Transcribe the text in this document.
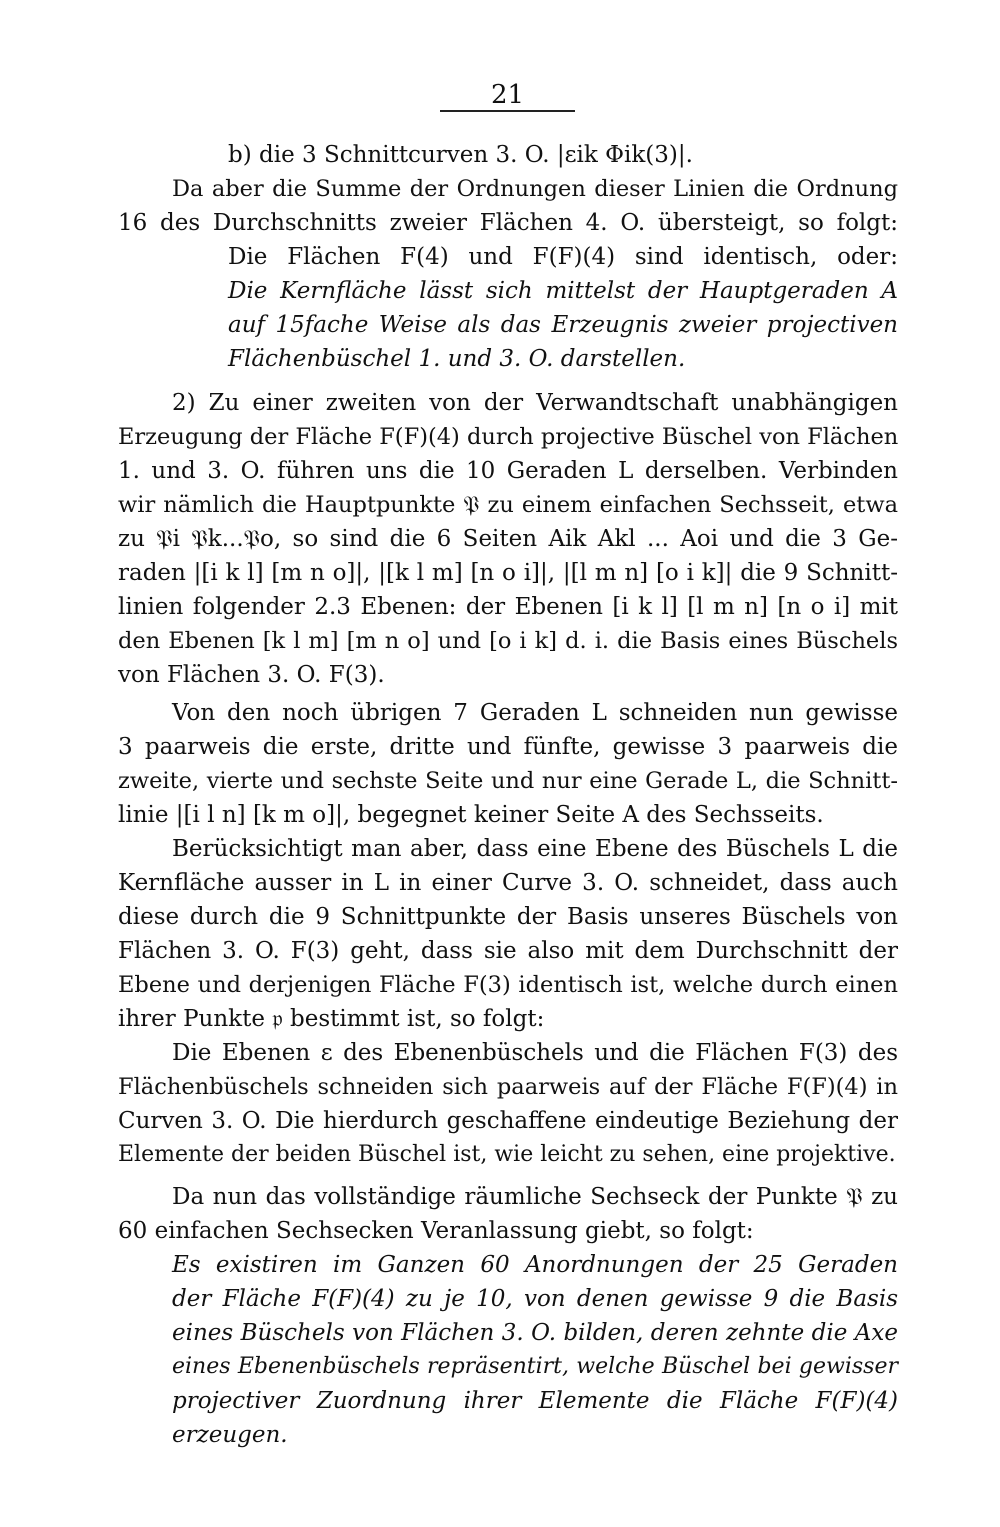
21
b) die 3 Schnittcurven 3. O. |εik Φik(3)|.
Da aber die Summe der Ordnungen dieser Linien die Ordnung
16 des Durchschnitts zweier Flächen 4. O. übersteigt, so folgt:
Die Flächen F(4) und F(F)(4) sind identisch, oder:
Die Kernfläche lässt sich mittelst der Hauptgeraden A
auf 15fache Weise als das Erzeugnis zweier projectiven
Flächenbüschel 1. und 3. O. darstellen.
2) Zu einer zweiten von der Verwandtschaft unabhängigen
Erzeugung der Fläche F(F)(4) durch projective Büschel von Flächen
1. und 3. O. führen uns die 10 Geraden L derselben. Verbinden
wir nämlich die Hauptpunkte 𝔓 zu einem einfachen Sechsseit, etwa
zu 𝔓i 𝔓k...𝔓o, so sind die 6 Seiten Aik Akl ... Aoi und die 3 Ge-
raden |[i k l] [m n o]|, |[k l m] [n o i]|, |[l m n] [o i k]| die 9 Schnitt-
linien folgender 2.3 Ebenen: der Ebenen [i k l] [l m n] [n o i] mit
den Ebenen [k l m] [m n o] und [o i k] d. i. die Basis eines Büschels
von Flächen 3. O. F(3).
Von den noch übrigen 7 Geraden L schneiden nun gewisse
3 paarweis die erste, dritte und fünfte, gewisse 3 paarweis die
zweite, vierte und sechste Seite und nur eine Gerade L, die Schnitt-
linie |[i l n] [k m o]|, begegnet keiner Seite A des Sechsseits.
Berücksichtigt man aber, dass eine Ebene des Büschels L die
Kernfläche ausser in L in einer Curve 3. O. schneidet, dass auch
diese durch die 9 Schnittpunkte der Basis unseres Büschels von
Flächen 3. O. F(3) geht, dass sie also mit dem Durchschnitt der
Ebene und derjenigen Fläche F(3) identisch ist, welche durch einen
ihrer Punkte 𝔭 bestimmt ist, so folgt:
Die Ebenen ε des Ebenenbüschels und die Flächen F(3) des
Flächenbüschels schneiden sich paarweis auf der Fläche F(F)(4) in
Curven 3. O. Die hierdurch geschaffene eindeutige Beziehung der
Elemente der beiden Büschel ist, wie leicht zu sehen, eine projektive.
Da nun das vollständige räumliche Sechseck der Punkte 𝔓 zu
60 einfachen Sechsecken Veranlassung giebt, so folgt:
Es existiren im Ganzen 60 Anordnungen der 25 Geraden
der Fläche F(F)(4) zu je 10, von denen gewisse 9 die Basis
eines Büschels von Flächen 3. O. bilden, deren zehnte die Axe
eines Ebenenbüschels repräsentirt, welche Büschel bei gewisser
projectiver Zuordnung ihrer Elemente die Fläche F(F)(4)
erzeugen.
